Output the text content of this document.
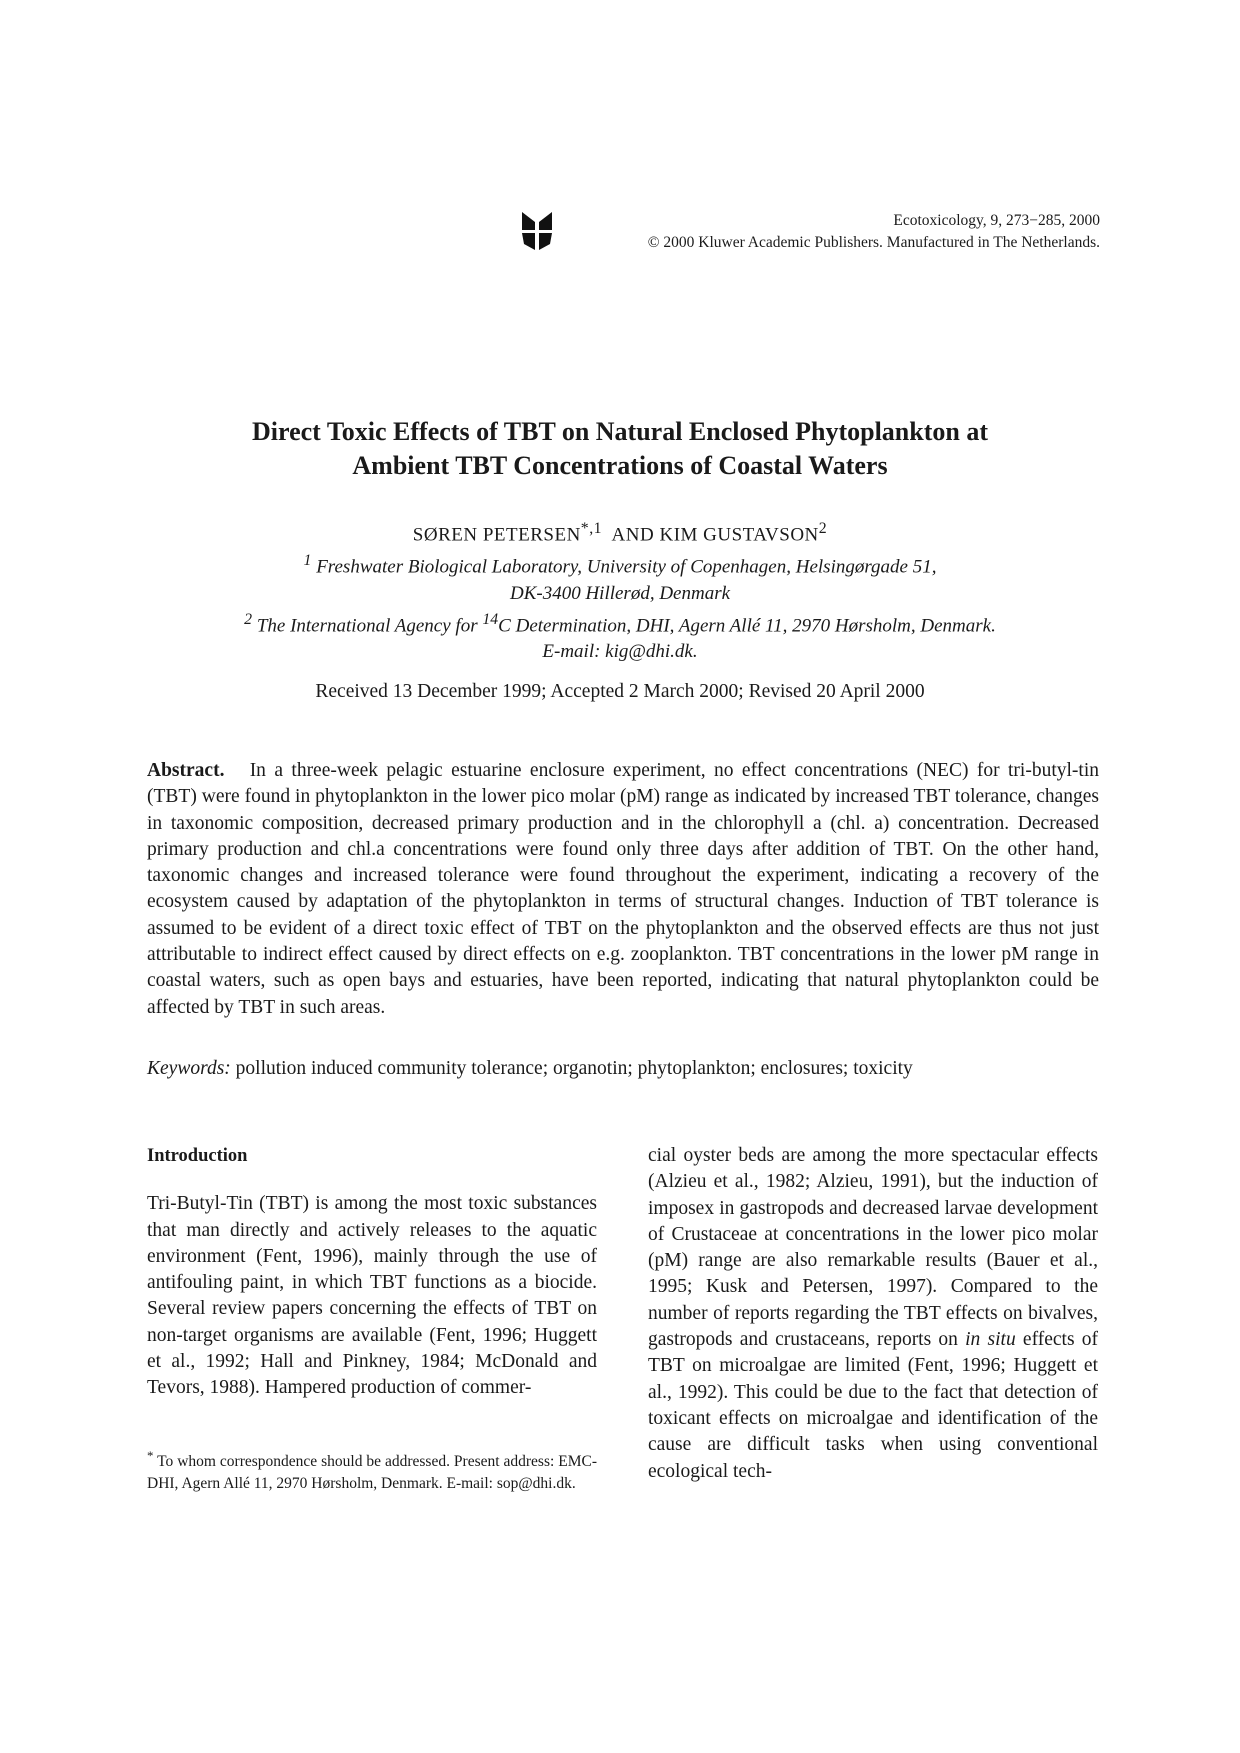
Ecotoxicology, 9, 273−285, 2000
© 2000 Kluwer Academic Publishers. Manufactured in The Netherlands.
Direct Toxic Effects of TBT on Natural Enclosed Phytoplankton at
Ambient TBT Concentrations of Coastal Waters
SØREN $PETERSEN^{*,1}$ AND KIM GUSTAVSON$^2$
$^1$ Freshwater Biological Laboratory, University of Copenhagen, Helsingørgade 51,
DK-3400 Hillerød, Denmark
$^2$ The International Agency for $^{14}$C Determination, DHI, Agern Allé 11, 2970 Hørsholm, Denmark.
E-mail: kig@dhi.dk.
Received 13 December 1999; Accepted 2 March 2000; Revised 20 April 2000
Abstract. In a three-week pelagic estuarine enclosure experiment, no effect concentrations (NEC) for tri-butyl-tin (TBT) were found in phytoplankton in the lower pico molar (pM) range as indicated by increased TBT tolerance, changes in taxonomic composition, decreased primary production and in the chlorophyll a (chl. a) concentration. Decreased primary production and chl.a concentrations were found only three days after addition of TBT. On the other hand, taxonomic changes and increased tolerance were found throughout the experiment, indicating a recovery of the ecosystem caused by adaptation of the phytoplankton in terms of structural changes. Induction of TBT tolerance is assumed to be evident of a direct toxic effect of TBT on the phytoplankton and the observed effects are thus not just attributable to indirect effect caused by direct effects on e.g. zooplankton. TBT concentrations in the lower pM range in coastal waters, such as open bays and estuaries, have been reported, indicating that natural phytoplankton could be affected by TBT in such areas.
Keywords: pollution induced community tolerance; organotin; phytoplankton; enclosures; toxicity
Introduction

Tri-Butyl-Tin (TBT) is among the most toxic substances that man directly and actively releases to the aquatic environment (Fent, 1996), mainly through the use of antifouling paint, in which TBT functions as a biocide. Several review papers concerning the effects of TBT on non-target organisms are available (Fent, 1996; Huggett et al., 1992; Hall and Pinkney, 1984; McDonald and Tevors, 1988). Hampered production of commer-

cial oyster beds are among the more spectacular effects (Alzieu et al., 1982; Alzieu, 1991), but the induction of imposex in gastropods and decreased larvae development of Crustaceae at concentrations in the lower pico molar (pM) range are also remarkable results (Bauer et al., 1995; Kusk and Petersen, 1997). Compared to the number of reports regarding the TBT effects on bivalves, gastropods and crustaceans, reports on in situ effects of TBT on microalgae are limited (Fent, 1996; Huggett et al., 1992). This could be due to the fact that detection of toxicant effects on microalgae and identification of the cause are difficult tasks when using conventional ecological tech-

* To whom correspondence should be addressed. Present address: EMC-DHI, Agern Allé 11, 2970 Hørsholm, Denmark. E-mail: sop@dhi.dk.
